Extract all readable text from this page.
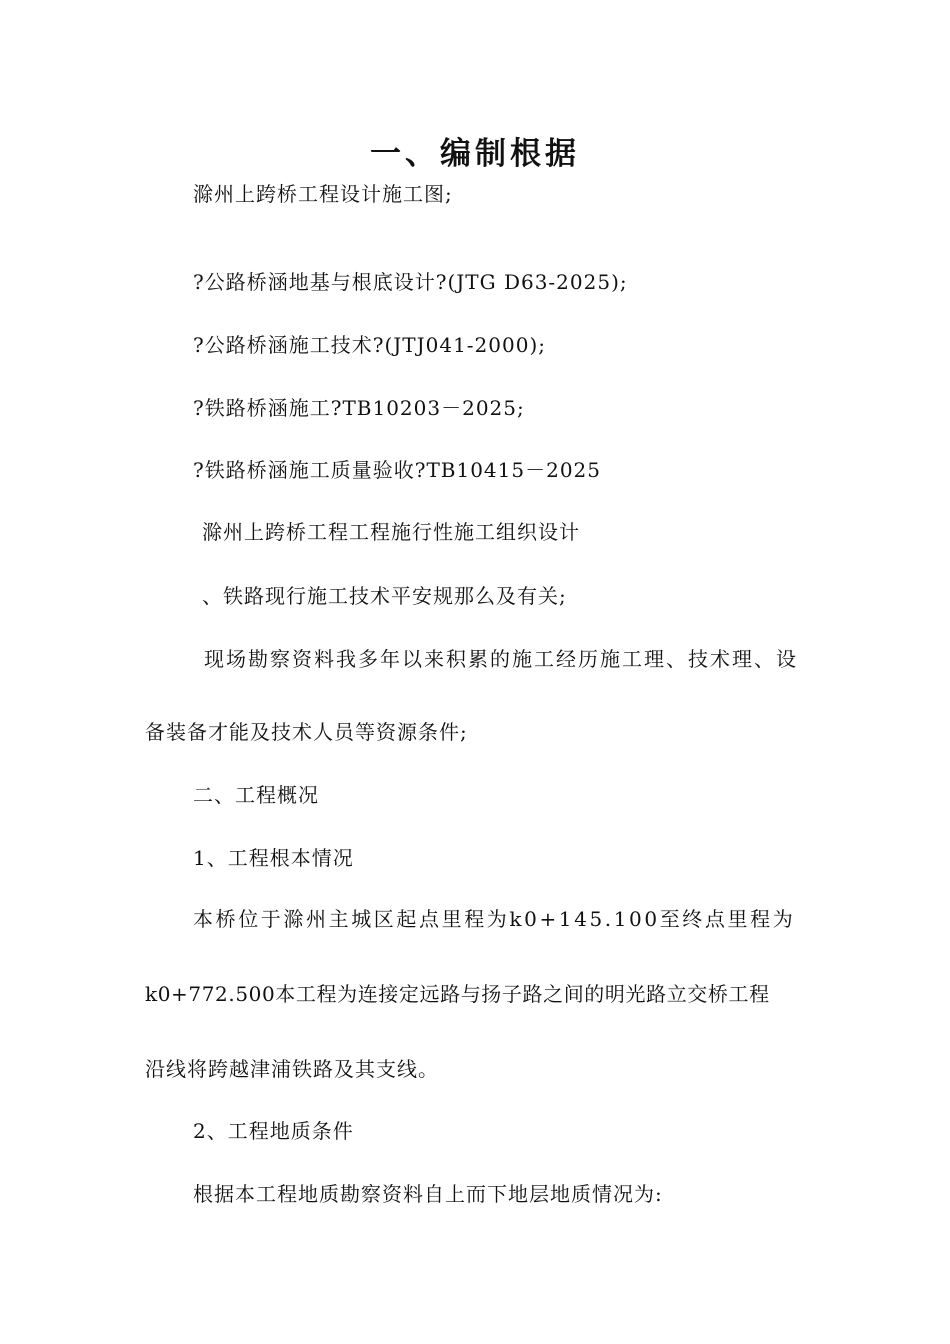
一、编制根据
滁州上跨桥工程设计施工图;
?公路桥涵地基与根底设计?(JTG D63-2025);
?公路桥涵施工技术?(JTJ041-2000);
?铁路桥涵施工?TB10203－2025;
?铁路桥涵施工质量验收?TB10415－2025
滁州上跨桥工程工程施行性施工组织设计
、铁路现行施工技术平安规那么及有关;
现场勘察资料我多年以来积累的施工经历施工理、技术理、设
备装备才能及技术人员等资源条件;
二、工程概况
1、工程根本情况
本桥位于滁州主城区起点里程为k0+145.100至终点里程为
k0+772.500本工程为连接定远路与扬子路之间的明光路立交桥工程
沿线将跨越津浦铁路及其支线。
2、工程地质条件
根据本工程地质勘察资料自上而下地层地质情况为:
